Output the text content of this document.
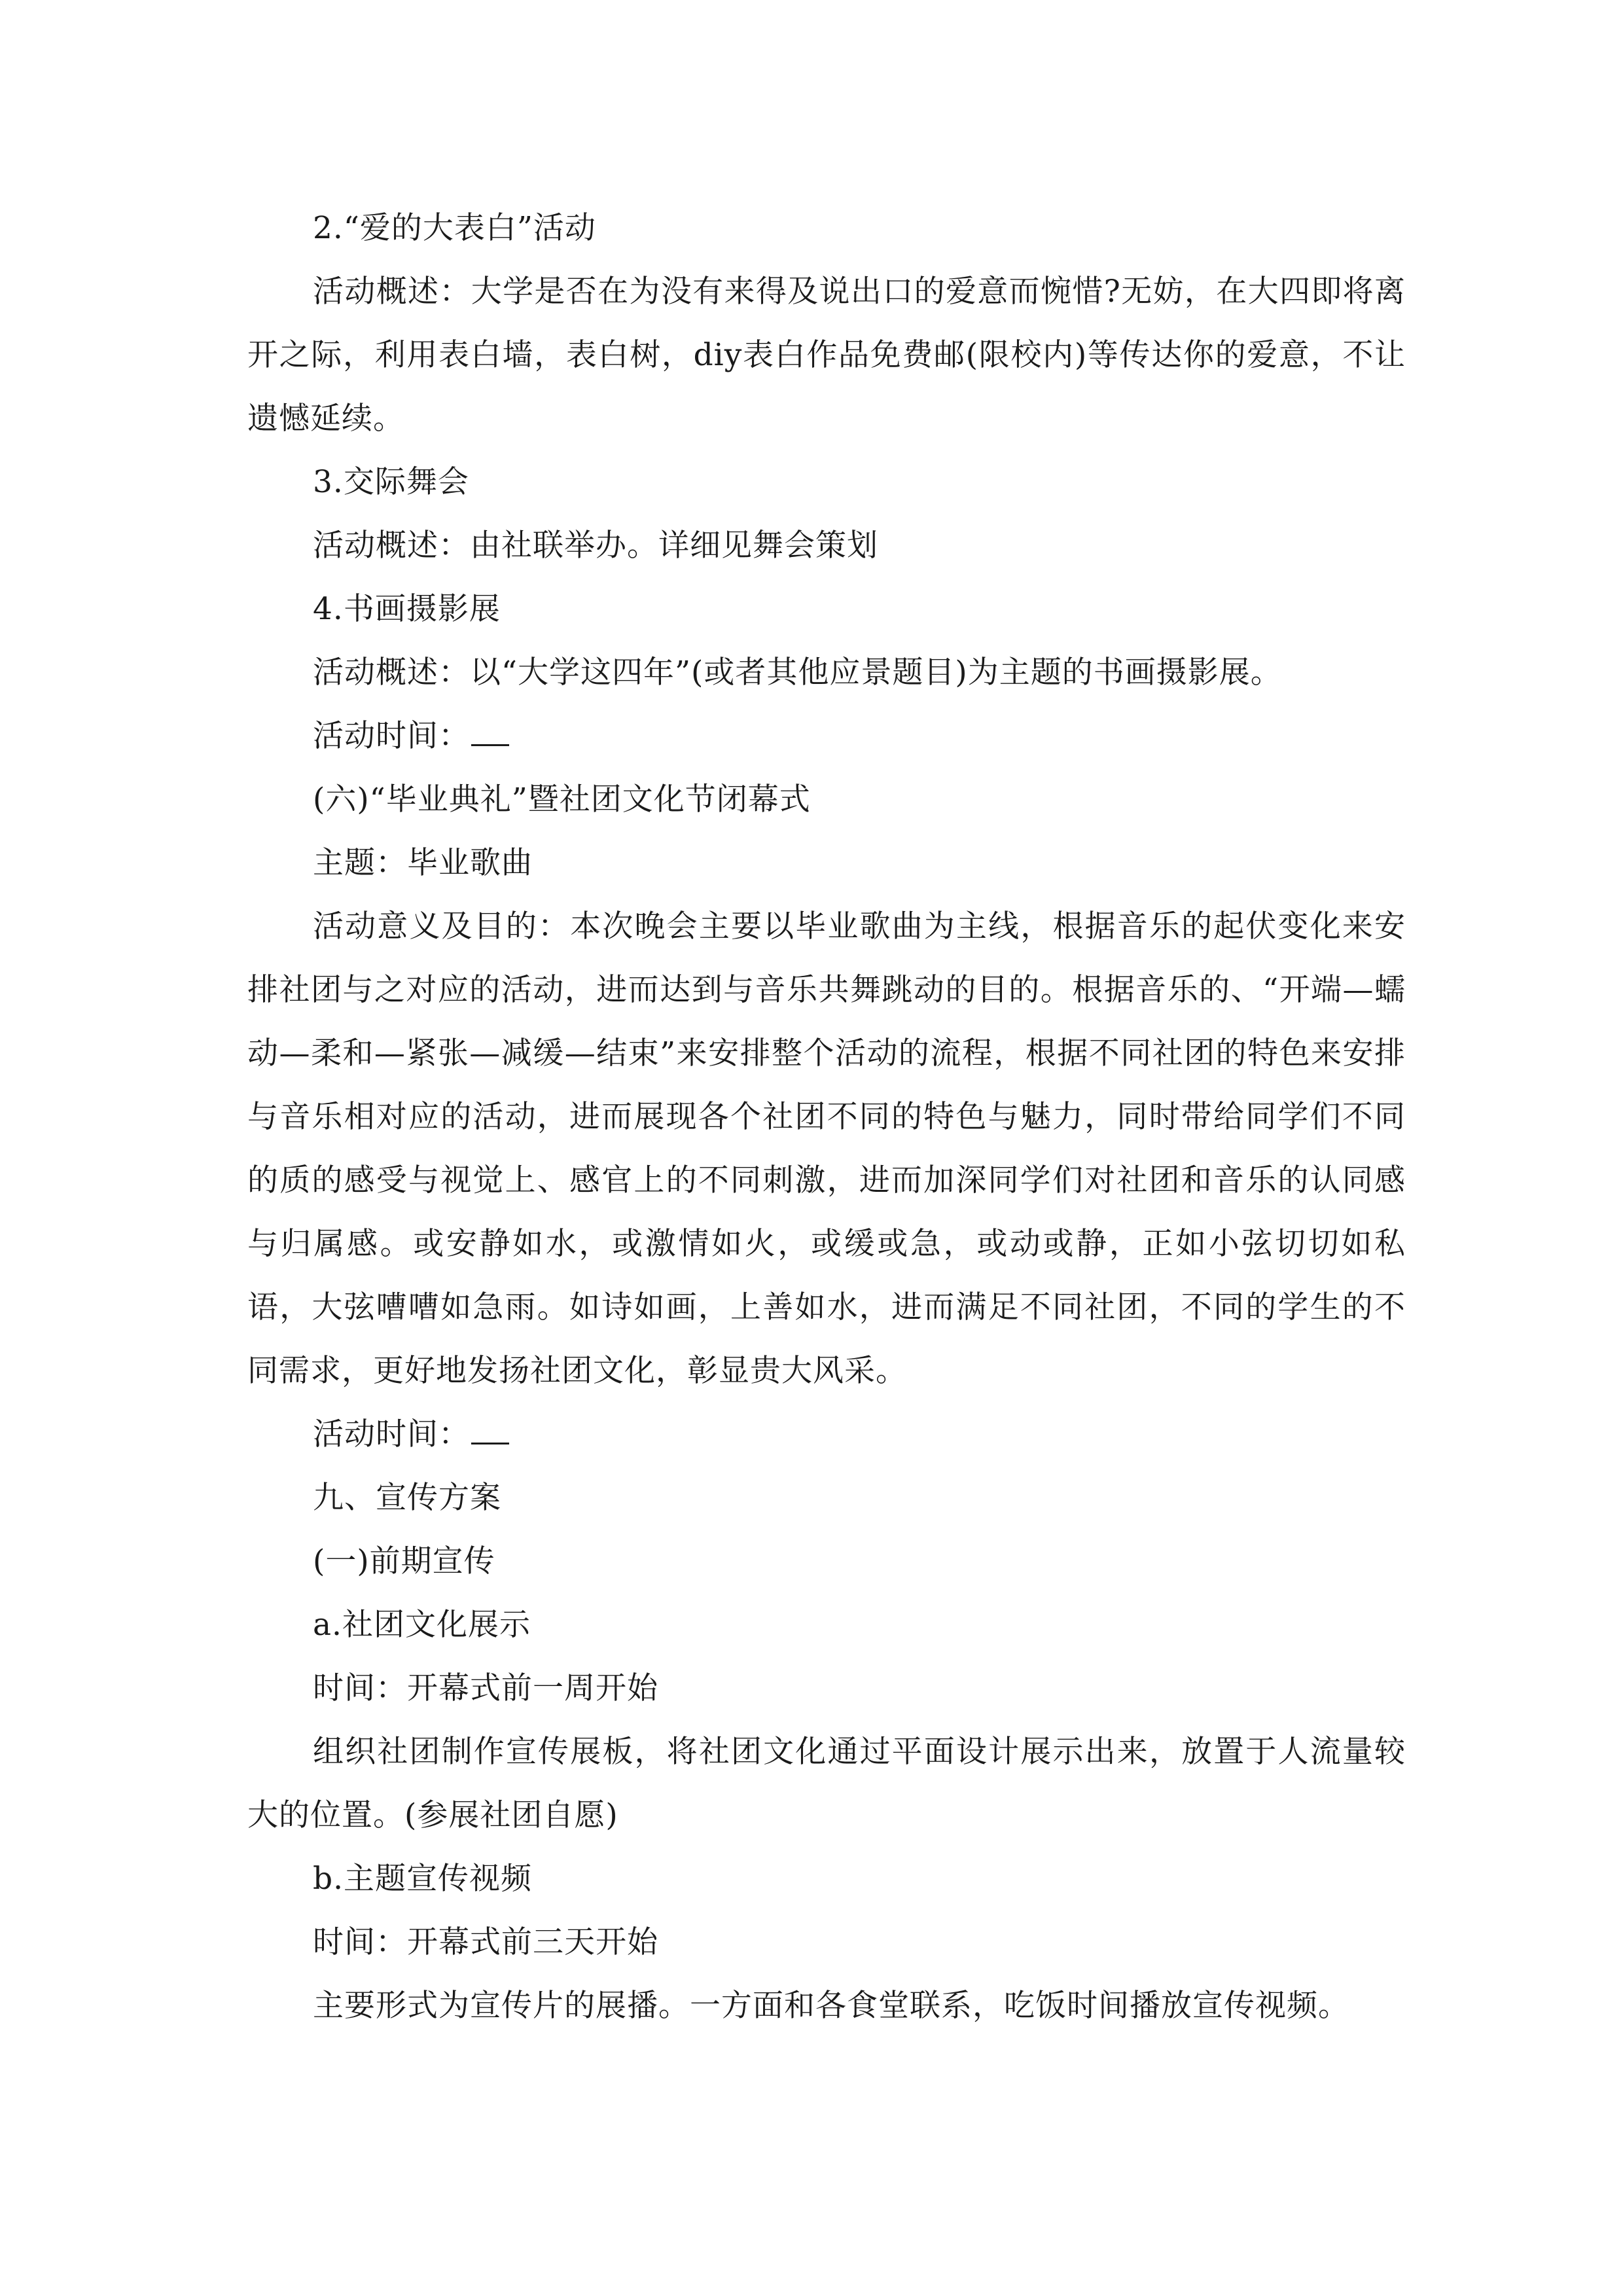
2.“爱的大表白”活动

活动概述：大学是否在为没有来得及说出口的爱意而惋惜?无妨，在大四即将离开之际，利用表白墙，表白树，diy表白作品免费邮(限校内)等传达你的爱意，不让遗憾延续。

3.交际舞会

活动概述：由社联举办。详细见舞会策划

4.书画摄影展

活动概述：以“大学这四年”(或者其他应景题目)为主题的书画摄影展。

活动时间：

(六)“毕业典礼”暨社团文化节闭幕式

主题：毕业歌曲

活动意义及目的：本次晚会主要以毕业歌曲为主线，根据音乐的起伏变化来安排社团与之对应的活动，进而达到与音乐共舞跳动的目的。根据音乐的、“开端—蠕动—柔和—紧张—减缓—结束”来安排整个活动的流程，根据不同社团的特色来安排与音乐相对应的活动，进而展现各个社团不同的特色与魅力，同时带给同学们不同的质的感受与视觉上、感官上的不同刺激，进而加深同学们对社团和音乐的认同感与归属感。或安静如水，或激情如火，或缓或急，或动或静，正如小弦切切如私语，大弦嘈嘈如急雨。如诗如画，上善如水，进而满足不同社团，不同的学生的不同需求，更好地发扬社团文化，彰显贵大风采。

活动时间：

九、宣传方案

(一)前期宣传

a.社团文化展示

时间：开幕式前一周开始

组织社团制作宣传展板，将社团文化通过平面设计展示出来，放置于人流量较大的位置。(参展社团自愿)

b.主题宣传视频

时间：开幕式前三天开始

主要形式为宣传片的展播。一方面和各食堂联系，吃饭时间播放宣传视频。
